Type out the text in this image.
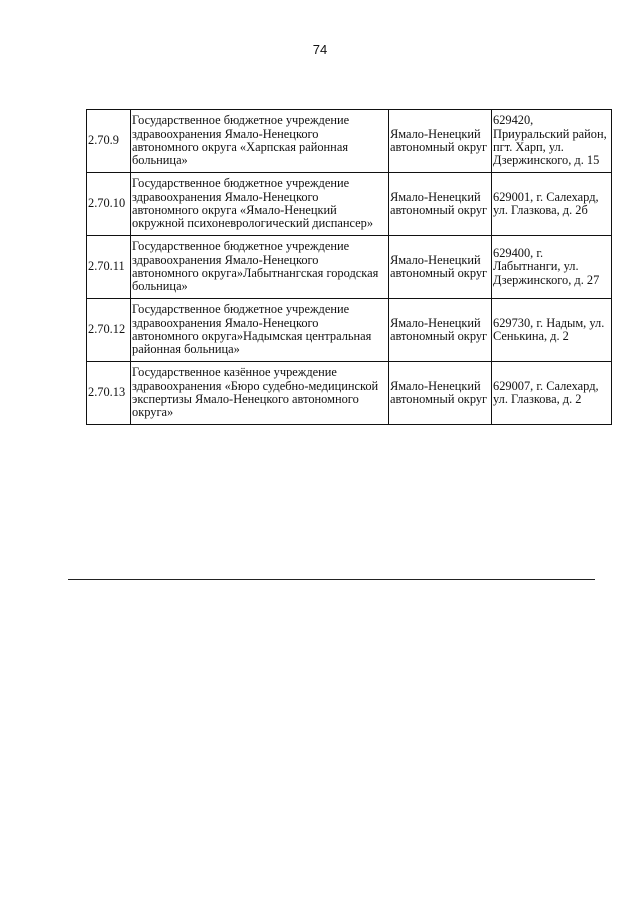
74
2.70.9	Государственное бюджетное учреждение здравоохранения Ямало-Ненецкого автономного округа «Харпская районная больница»	Ямало-Ненецкий автономный округ	629420, Приуральский район, пгт. Харп, ул. Дзержинского, д. 15
2.70.10	Государственное бюджетное учреждение здравоохранения Ямало-Ненецкого автономного округа «Ямало-Ненецкий окружной психоневрологический диспансер»	Ямало-Ненецкий автономный округ	629001, г. Салехард, ул. Глазкова, д. 2б
2.70.11	Государственное бюджетное учреждение здравоохранения Ямало-Ненецкого автономного округа»Лабытнангская городская больница»	Ямало-Ненецкий автономный округ	629400, г. Лабытнанги, ул. Дзержинского, д. 27
2.70.12	Государственное бюджетное учреждение здравоохранения Ямало-Ненецкого автономного округа»Надымская центральная районная больница»	Ямало-Ненецкий автономный округ	629730, г. Надым, ул. Сенькина, д. 2
2.70.13	Государственное казённое учреждение здравоохранения «Бюро судебно-медицинской экспертизы Ямало-Ненецкого автономного округа»	Ямало-Ненецкий автономный округ	629007, г. Салехард, ул. Глазкова, д. 2
